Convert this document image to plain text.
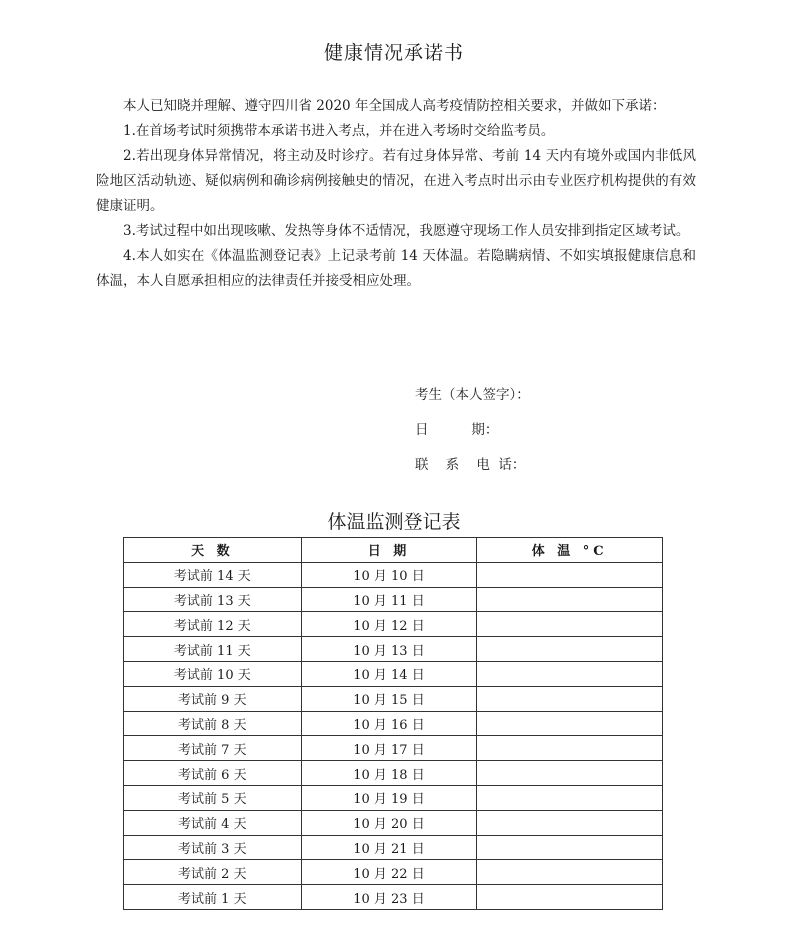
健康情况承诺书

本人已知晓并理解、遵守四川省 2020 年全国成人高考疫情防控相关要求，并做如下承诺：

1.在首场考试时须携带本承诺书进入考点，并在进入考场时交给监考员。

2.若出现身体异常情况，将主动及时诊疗。若有过身体异常、考前 14 天内有境外或国内非低风险地区活动轨迹、疑似病例和确诊病例接触史的情况，在进入考点时出示由专业医疗机构提供的有效健康证明。

3.考试过程中如出现咳嗽、发热等身体不适情况，我愿遵守现场工作人员安排到指定区域考试。

4.本人如实在《体温监测登记表》上记录考前 14 天体温。若隐瞒病情、不如实填报健康信息和体温，本人自愿承担相应的法律责任并接受相应处理。

考生（本人签字）：
日          期：
联    系    电  话：
体温监测登记表
天 数	日 期	体 温 °C
考试前 14 天	10 月 10 日	
考试前 13 天	10 月 11 日	
考试前 12 天	10 月 12 日	
考试前 11 天	10 月 13 日	
考试前 10 天	10 月 14 日	
考试前 9 天	10 月 15 日	
考试前 8 天	10 月 16 日	
考试前 7 天	10 月 17 日	
考试前 6 天	10 月 18 日	
考试前 5 天	10 月 19 日	
考试前 4 天	10 月 20 日	
考试前 3 天	10 月 21 日	
考试前 2 天	10 月 22 日	
考试前 1 天	10 月 23 日	
